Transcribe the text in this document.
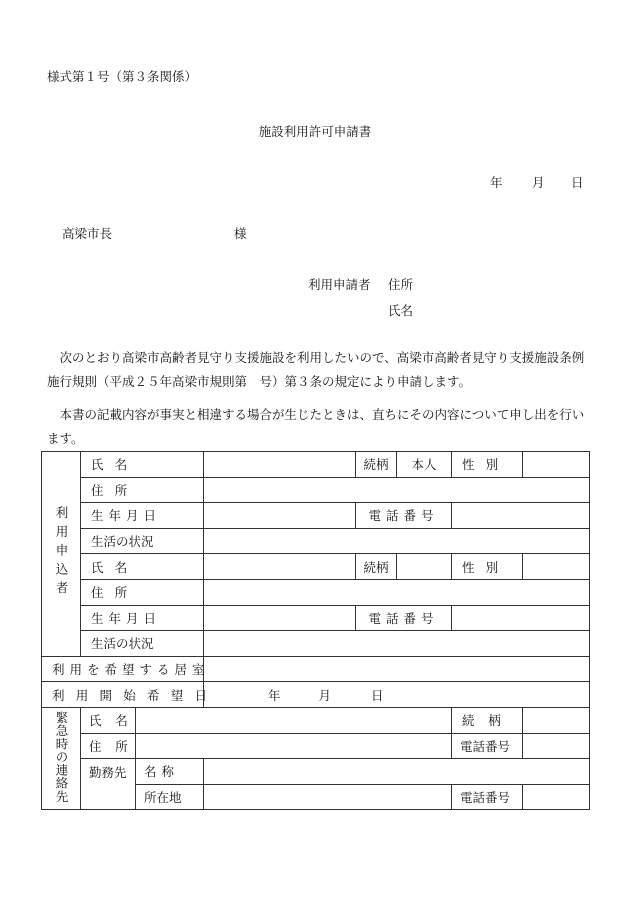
様式第１号（第３条関係）
施設利用許可申請書
年 月 日
高梁市長	様
利用申請者 住所
氏名
次のとおり高梁市高齢者見守り支援施設を利用したいので、高梁市高齢者見守り支援施設条例施行規則（平成２５年高梁市規則第　号）第３条の規定により申請します。
本書の記載内容が事実と相違する場合が生じたときは、直ちにその内容について申し出を行います。
利用申込者	氏名			続柄	本人	性別	
	住所						
	生年月日			電話番号			
	生活の状況						
	氏名			続柄		性別	
	住所						
	生年月日			電話番号			
	生活の状況						
利用を希望する居室							
利用開始希望日			年 月 日				
緊急時の連絡先	氏名					続柄	
	住所					電話番号	
	勤務先	名称					
		所在地				電話番号	
